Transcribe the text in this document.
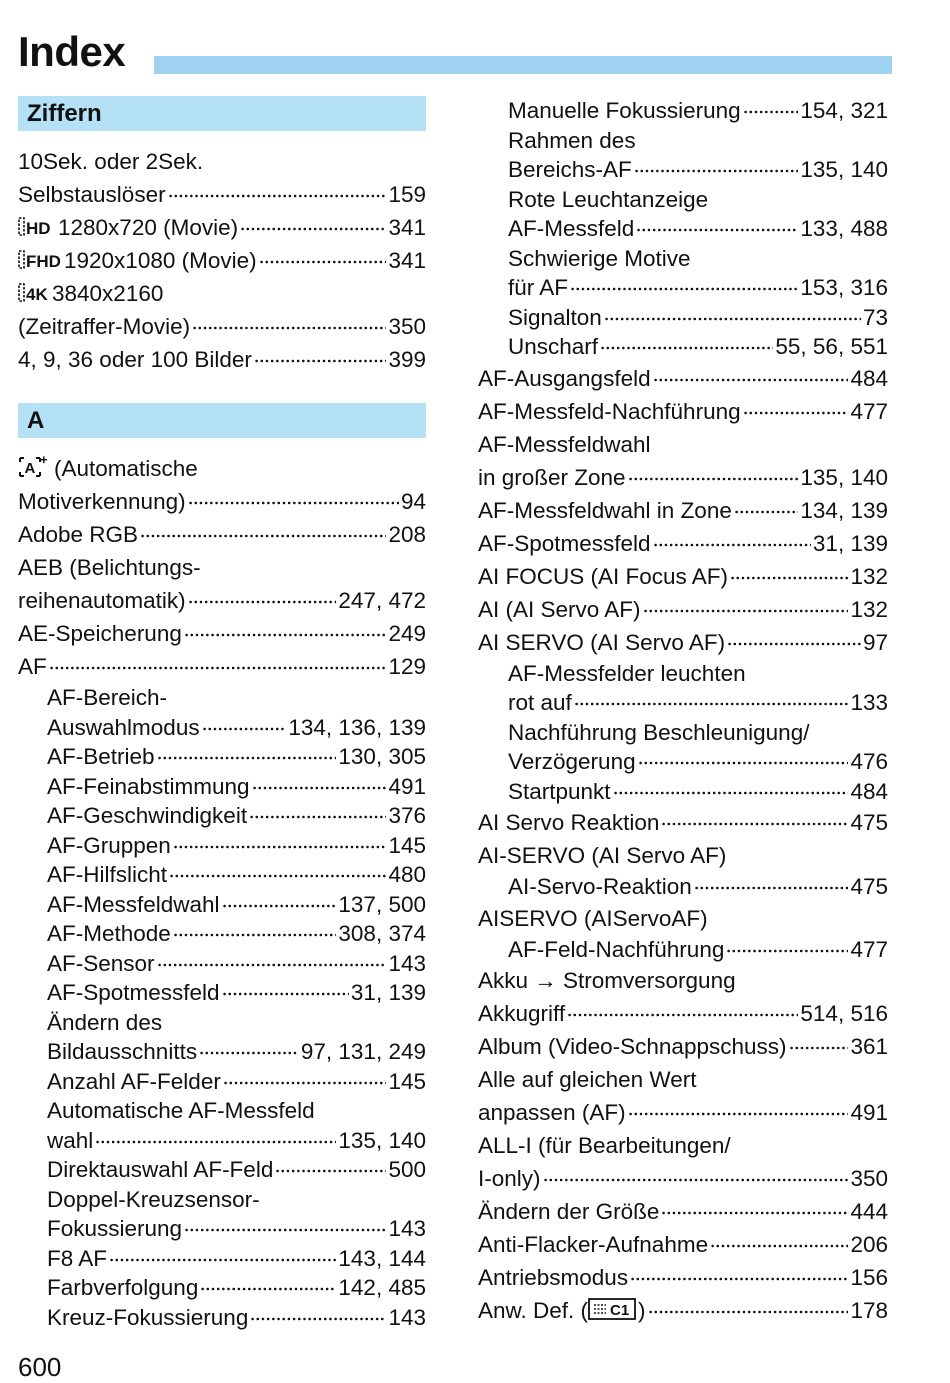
Index
Ziffern
10Sek. oder 2Sek.
Selbstauslöser	159
HD 1280x720 (Movie)	341
FHD 1920x1080 (Movie)	341
4K 3840x2160
(Zeitraffer-Movie)	350
4, 9, 36 oder 100 Bilder	399
A
A
+ (Automatische
Motiverkennung)	94
Adobe RGB	208
AEB (Belichtungs-
reihenautomatik)	247, 472
AE-Speicherung	249
AF	129
AF-Bereich-
Auswahlmodus	134, 136, 139
AF-Betrieb	130, 305
AF-Feinabstimmung	491
AF-Geschwindigkeit	376
AF-Gruppen	145
AF-Hilfslicht	480
AF-Messfeldwahl	137, 500
AF-Methode	308, 374
AF-Sensor	143
AF-Spotmessfeld	31, 139
Ändern des
Bildausschnitts	97, 131, 249
Anzahl AF-Felder	145
Automatische AF-Messfeld
wahl	135, 140
Direktauswahl AF-Feld	500
Doppel-Kreuzsensor-
Fokussierung	143
F8 AF	143, 144
Farbverfolgung	142, 485
Kreuz-Fokussierung	143
Manuelle Fokussierung	154, 321
Rahmen des
Bereichs-AF	135, 140
Rote Leuchtanzeige
AF-Messfeld	133, 488
Schwierige Motive
für AF	153, 316
Signalton	73
Unscharf	55, 56, 551
AF-Ausgangsfeld	484
AF-Messfeld-Nachführung	477
AF-Messfeldwahl
in großer Zone	135, 140
AF-Messfeldwahl in Zone	134, 139
AF-Spotmessfeld	31, 139
AI FOCUS (AI Focus AF)	132
AI (AI Servo AF)	132
AI SERVO (AI Servo AF)	97
AF-Messfelder leuchten
rot auf	133
Nachführung Beschleunigung/
Verzögerung	476
Startpunkt	484
AI Servo Reaktion	475
AI-SERVO (AI Servo AF)
AI-Servo-Reaktion	475
AISERVO (AIServoAF)
AF-Feld-Nachführung	477
Akku → Stromversorgung
Akkugriff	514, 516
Album (Video-Schnappschuss)	361
Alle auf gleichen Wert
anpassen (AF)	491
ALL-I (für Bearbeitungen/
I-only)	350
Ändern der Größe	444
Anti-Flacker-Aufnahme	206
Antriebsmodus	156
Anw. Def. ( C1 )	178
600
